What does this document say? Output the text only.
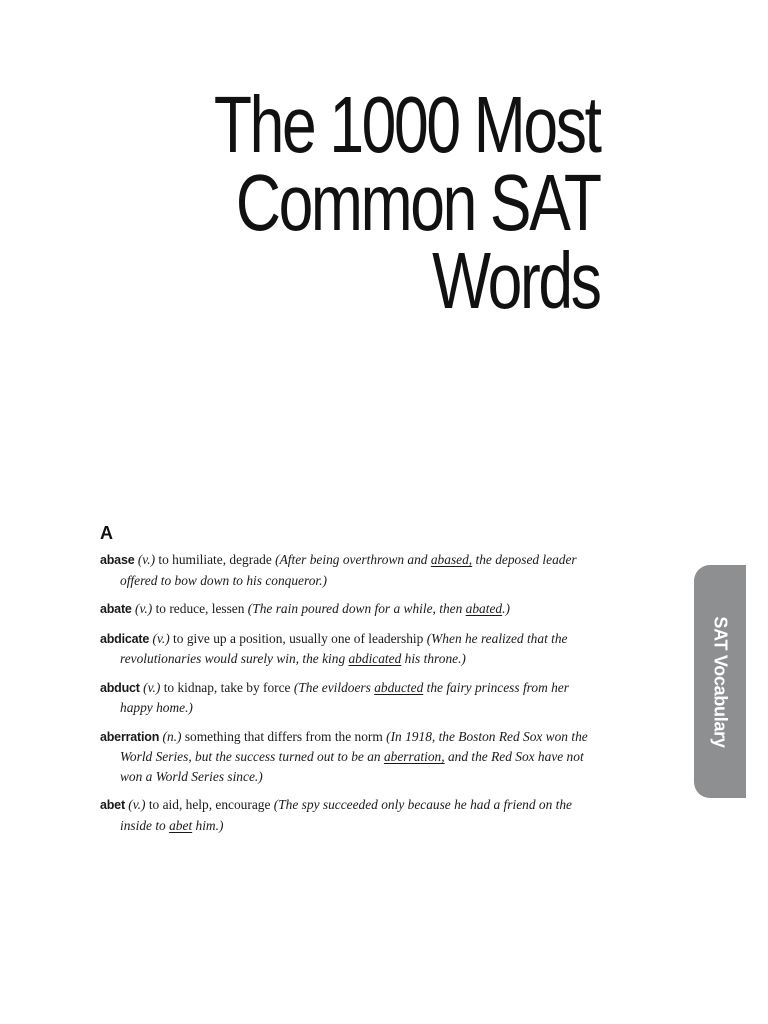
The 1000 Most
Common SAT
Words
A

abase (v.) to humiliate, degrade (After being overthrown and abased, the deposed leader offered to bow down to his conqueror.)

abate (v.) to reduce, lessen (The rain poured down for a while, then abated.)

abdicate (v.) to give up a position, usually one of leadership (When he realized that the revolutionaries would surely win, the king abdicated his throne.)

abduct (v.) to kidnap, take by force (The evildoers abducted the fairy princess from her happy home.)

aberration (n.) something that differs from the norm (In 1918, the Boston Red Sox won the World Series, but the success turned out to be an aberration, and the Red Sox have not won a World Series since.)

abet (v.) to aid, help, encourage (The spy succeeded only because he had a friend on the inside to abet him.)

SAT Vocabulary
